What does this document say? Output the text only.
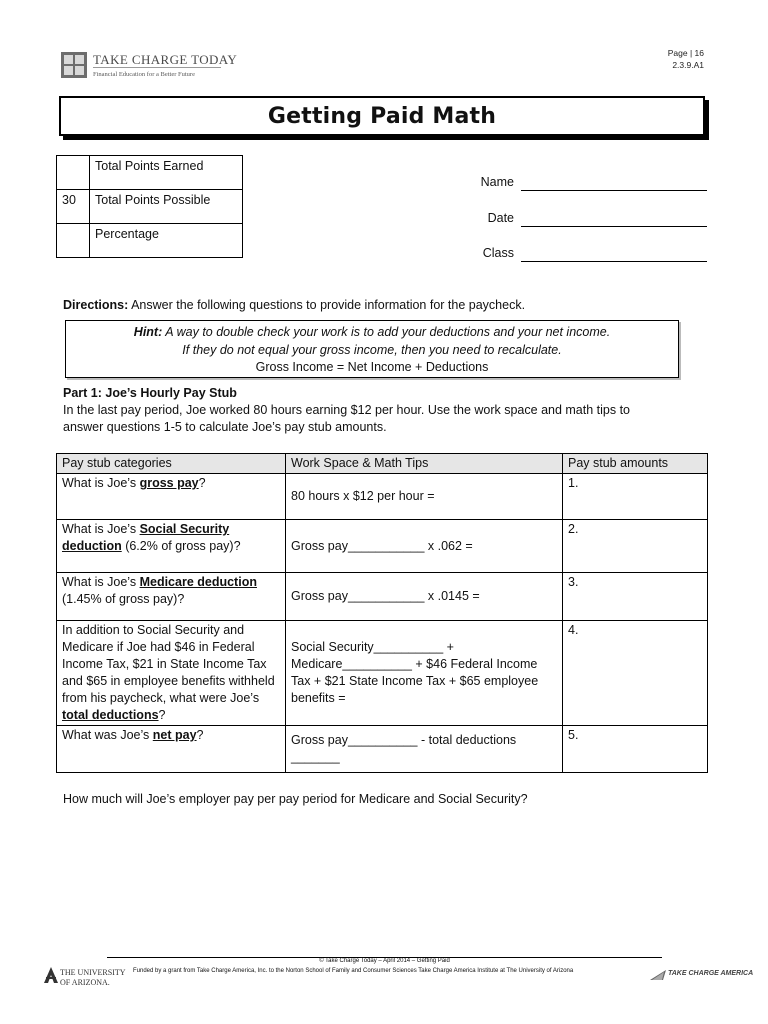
TAKE CHARGE TODAY
Financial Education for a Better Future
Page | 16
2.3.9.A1
Getting Paid Math
	Total Points Earned
30	Total Points Possible
	Percentage
Name
Date
Class
Directions: Answer the following questions to provide information for the paycheck.
Hint: A way to double check your work is to add your deductions and your net income.
If they do not equal your gross income, then you need to recalculate.
Gross Income = Net Income + Deductions
Part 1: Joe’s Hourly Pay Stub
In the last pay period, Joe worked 80 hours earning $12 per hour. Use the work space and math tips to
answer questions 1-5 to calculate Joe’s pay stub amounts.
Pay stub categories	Work Space & Math Tips	Pay stub amounts
What is Joe’s gross pay?	80 hours x $12 per hour =	1.
What is Joe’s Social Security deduction (6.2% of gross pay)?	Gross pay___________ x .062 =	2.
What is Joe’s Medicare deduction (1.45% of gross pay)?	Gross pay___________ x .0145 =	3.
In addition to Social Security and Medicare if Joe had $46 in Federal Income Tax, $21 in State Income Tax and $65 in employee benefits withheld from his paycheck, what were Joe’s total deductions?	Social Security__________ + Medicare__________ + $46 Federal Income Tax + $21 State Income Tax + $65 employee benefits =	4.
What was Joe’s net pay?	Gross pay__________ - total deductions _______	5.
How much will Joe’s employer pay per pay period for Medicare and Social Security?
© Take Charge Today – April 2014 – Getting Paid
THE UNIVERSITY
OF ARIZONA.
Funded by a grant from Take Charge America, Inc. to the Norton School of Family and Consumer Sciences Take Charge America Institute at The University of Arizona	TAKE CHARGE AMERICA
